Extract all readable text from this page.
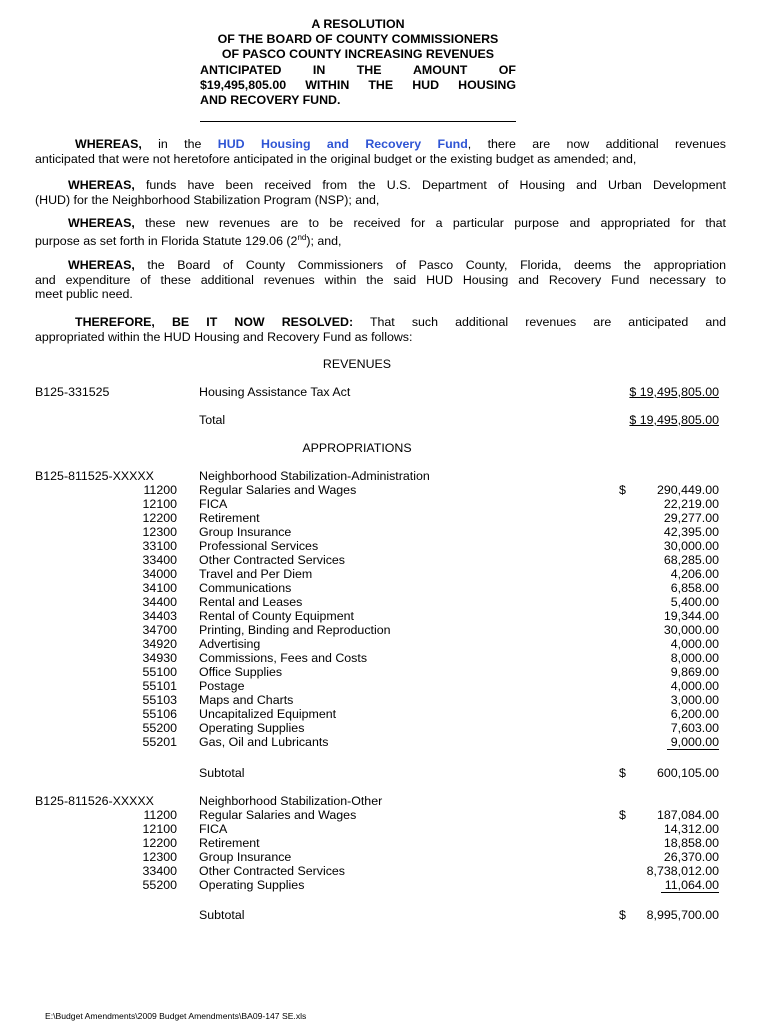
A RESOLUTION
OF THE BOARD OF COUNTY COMMISSIONERS
OF PASCO COUNTY INCREASING REVENUES
ANTICIPATED	IN	THE	AMOUNT	OF
$19,495,805.00 WITHIN THE HUD HOUSING
AND RECOVERY FUND.
WHEREAS, in the HUD Housing and Recovery Fund, there are now additional revenues
anticipated that were not heretofore anticipated in the original budget or the existing budget as amended; and,
WHEREAS, funds have been received from the U.S. Department of Housing and Urban Development
(HUD) for the Neighborhood Stabilization Program (NSP); and,
WHEREAS, these new revenues are to be received for a particular purpose and appropriated for that
purpose as set forth in Florida Statute 129.06 (2nd); and,
WHEREAS, the Board of County Commissioners of Pasco County, Florida, deems the appropriation
and expenditure of these additional revenues within the said HUD Housing and Recovery Fund necessary to
meet public need.
THEREFORE, BE IT NOW RESOLVED: That such additional revenues are anticipated and
appropriated within the HUD Housing and Recovery Fund as follows:
REVENUES
B125-331525	Housing Assistance Tax Act	$ 19,495,805.00
Total	$ 19,495,805.00
APPROPRIATIONS
B125-811525-XXXXX	Neighborhood Stabilization-Administration
11200 Regular Salaries and Wages	$	290,449.00
12100 FICA	22,219.00
12200 Retirement	29,277.00
12300 Group Insurance	42,395.00
33100 Professional Services	30,000.00
33400 Other Contracted Services	68,285.00
34000 Travel and Per Diem	4,206.00
34100 Communications	6,858.00
34400 Rental and Leases	5,400.00
34403 Rental of County Equipment	19,344.00
34700 Printing, Binding and Reproduction	30,000.00
34920 Advertising	4,000.00
34930 Commissions, Fees and Costs	8,000.00
55100 Office Supplies	9,869.00
55101 Postage	4,000.00
55103 Maps and Charts	3,000.00
55106 Uncapitalized Equipment	6,200.00
55200 Operating Supplies	7,603.00
55201 Gas, Oil and Lubricants	9,000.00
Subtotal	$	600,105.00
B125-811526-XXXXX	Neighborhood Stabilization-Other
11200 Regular Salaries and Wages	$	187,084.00
12100 FICA	14,312.00
12200 Retirement	18,858.00
12300 Group Insurance	26,370.00
33400 Other Contracted Services	8,738,012.00
55200 Operating Supplies	11,064.00
Subtotal	$ 8,995,700.00
E:\Budget Amendments\2009 Budget Amendments\BA09-147 SE.xls
